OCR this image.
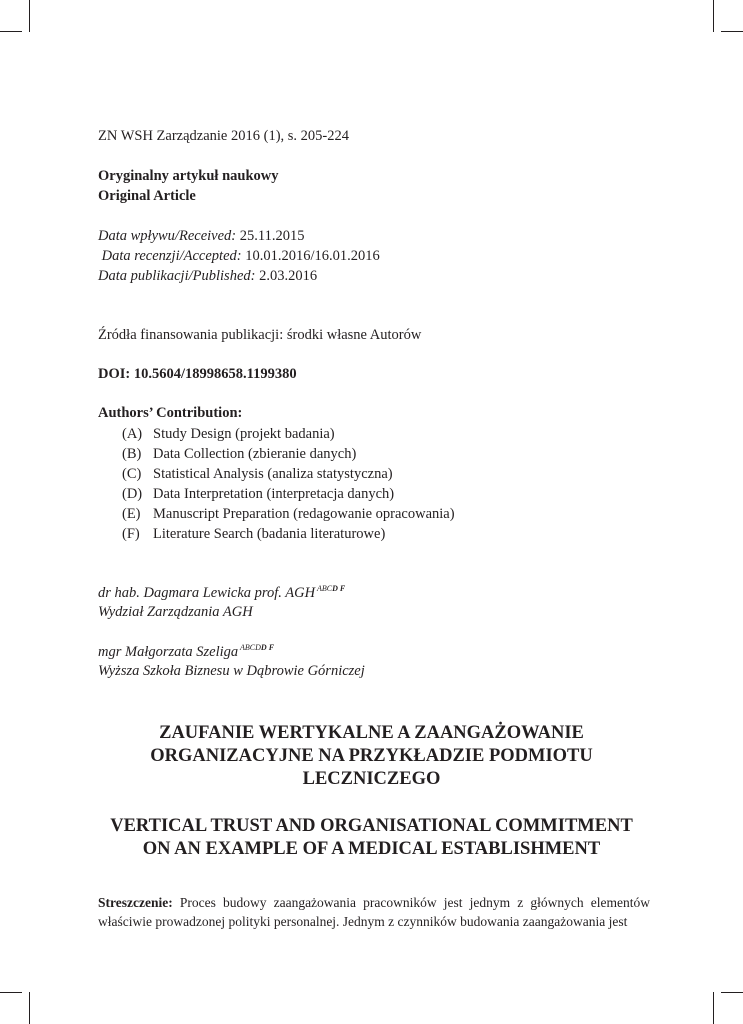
ZN WSH Zarządzanie 2016 (1), s. 205-224
Oryginalny artykuł naukowy
Original Article
Data wpływu/Received: 25.11.2015
Data recenzji/Accepted: 10.01.2016/16.01.2016
Data publikacji/Published: 2.03.2016
Źródła finansowania publikacji: środki własne Autorów
DOI: 10.5604/18998658.1199380
Authors’ Contribution:
(A) Study Design (projekt badania)
(B) Data Collection (zbieranie danych)
(C) Statistical Analysis (analiza statystyczna)
(D) Data Interpretation (interpretacja danych)
(E) Manuscript Preparation (redagowanie opracowania)
(F) Literature Search (badania literaturowe)
dr hab. Dagmara Lewicka prof. AGH $^{ABCD F}$
Wydział Zarządzania AGH
mgr Małgorzata Szeliga $^{ABCDD F}$
Wyższa Szkoła Biznesu w Dąbrowie Górniczej
ZAUFANIE WERTYKALNE A ZAANGAŻOWANIE
ORGANIZACYJNE NA PRZYKŁADZIE PODMIOTU
LECZNICZEGO
VERTICAL TRUST AND ORGANISATIONAL COMMITMENT
ON AN EXAMPLE OF A MEDICAL ESTABLISHMENT
Streszczenie: Proces budowy zaangażowania pracowników jest jednym z głównych elementów właściwie prowadzonej polityki personalnej. Jednym z czynników budowania zaangażowania jest
